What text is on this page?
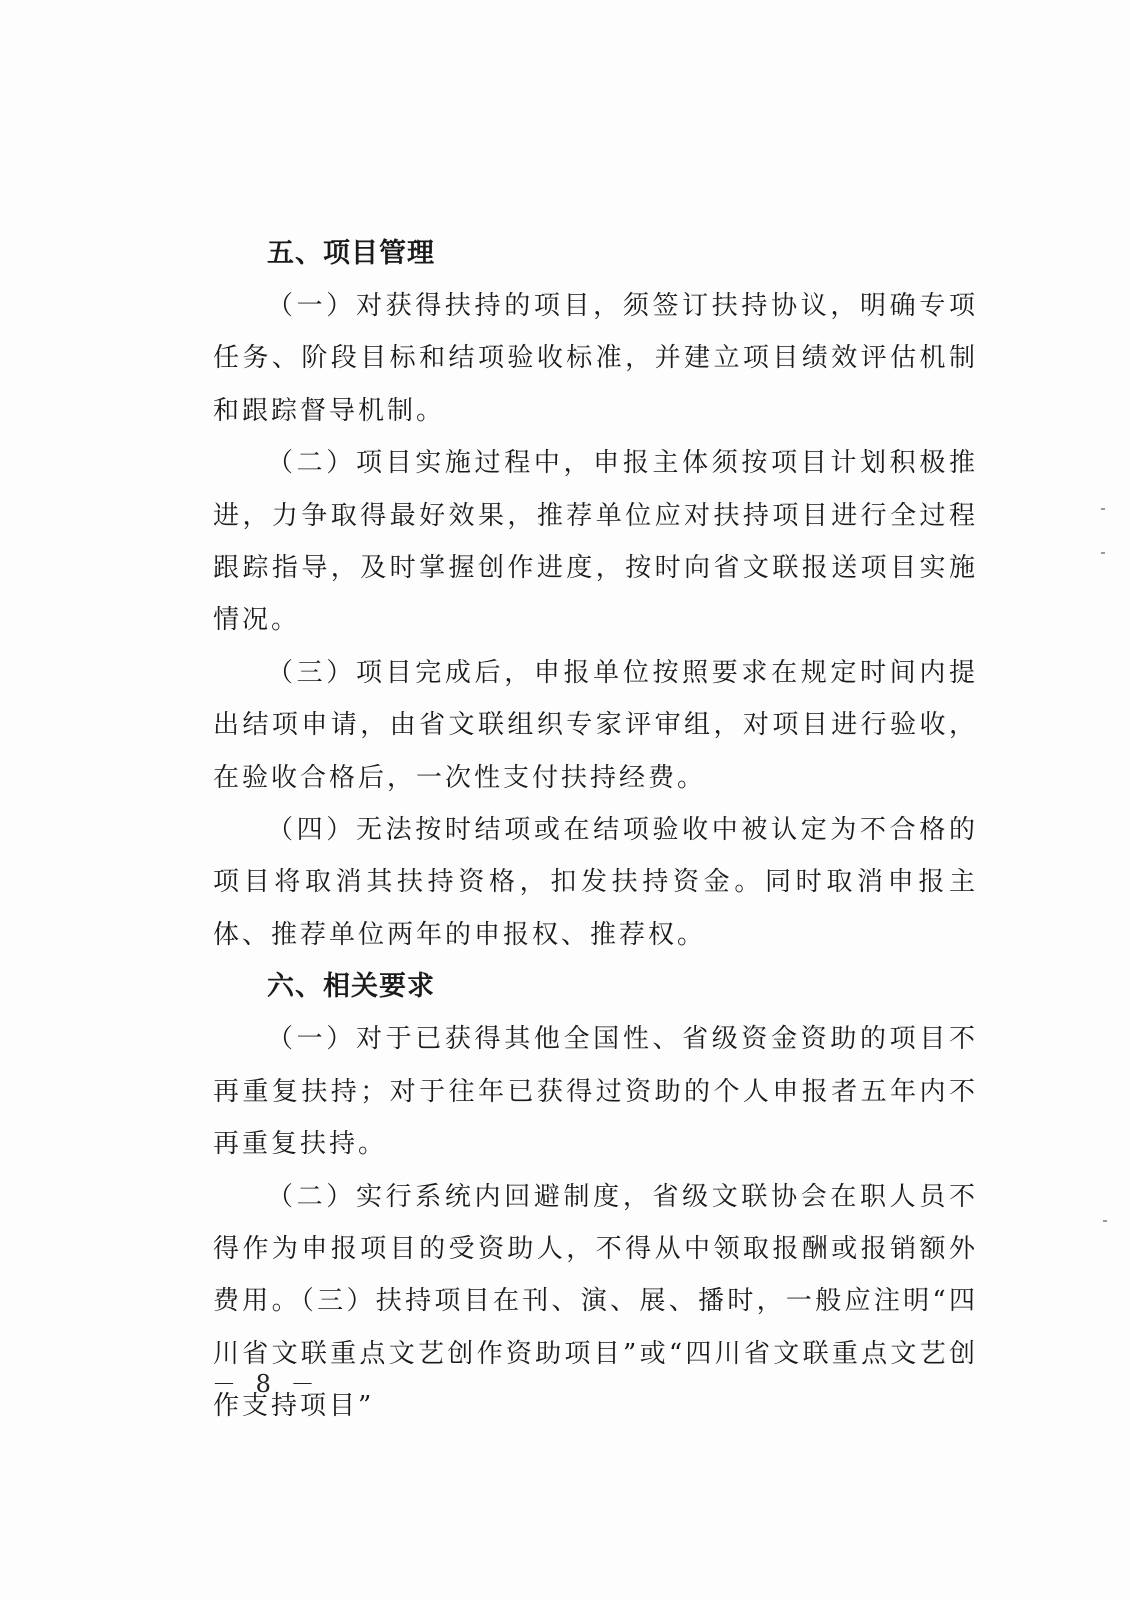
五、项目管理

（一）对获得扶持的项目，须签订扶持协议，明确专项任务、阶段目标和结项验收标准，并建立项目绩效评估机制和跟踪督导机制。

（二）项目实施过程中，申报主体须按项目计划积极推进，力争取得最好效果，推荐单位应对扶持项目进行全过程跟踪指导，及时掌握创作进度，按时向省文联报送项目实施情况。

（三）项目完成后，申报单位按照要求在规定时间内提出结项申请，由省文联组织专家评审组，对项目进行验收，在验收合格后，一次性支付扶持经费。

（四）无法按时结项或在结项验收中被认定为不合格的项目将取消其扶持资格，扣发扶持资金。同时取消申报主体、推荐单位两年的申报权、推荐权。

六、相关要求

（一）对于已获得其他全国性、省级资金资助的项目不再重复扶持；对于往年已获得过资助的个人申报者五年内不再重复扶持。

（二）实行系统内回避制度，省级文联协会在职人员不得作为申报项目的受资助人，不得从中领取报酬或报销额外费用。（三）扶持项目在刊、演、展、播时，一般应注明“四川省文联重点文艺创作资助项目”或“四川省文联重点文艺创作支持项目”

－ 8 －
